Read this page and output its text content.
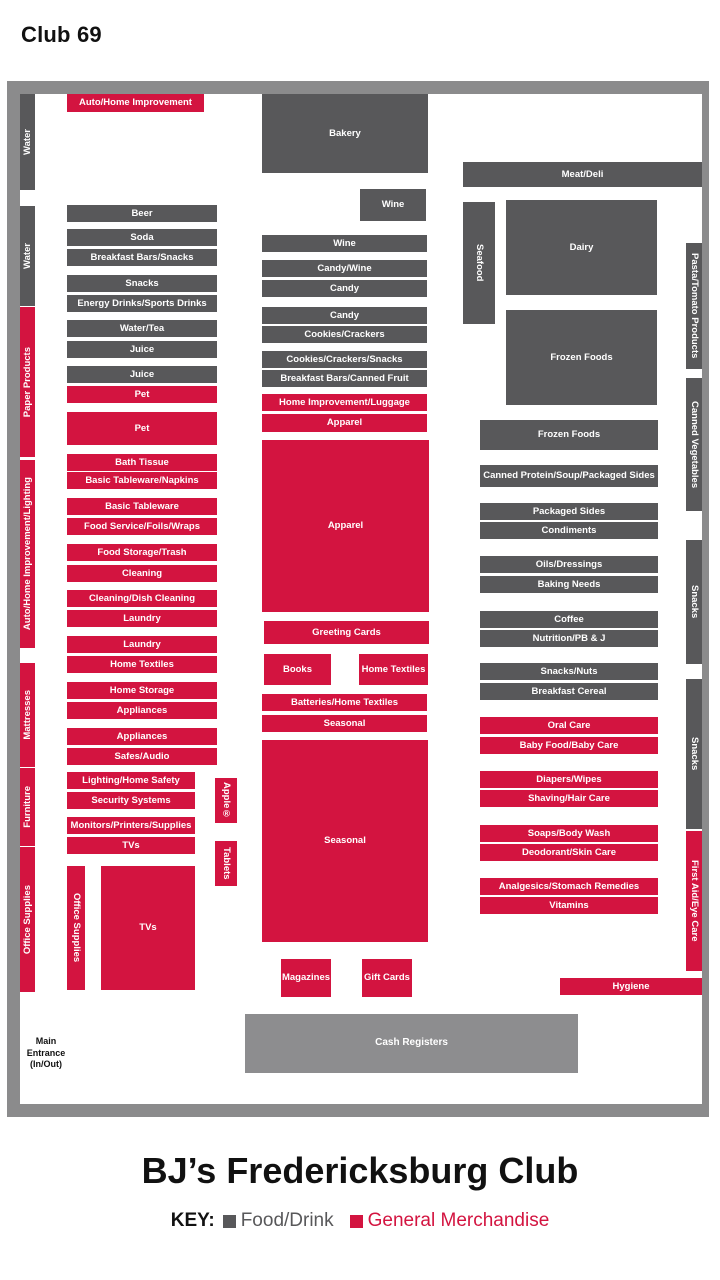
Club 69
Auto/Home Improvement
Bakery
Wine
Meat/Deli
Water
Water
Paper Products
Auto/Home Improvement/Lighting
Mattresses
Furniture
Office Supplies
Beer
Soda
Breakfast Bars/Snacks
Snacks
Energy Drinks/Sports Drinks
Water/Tea
Juice
Juice
Pet
Pet
Bath Tissue
Basic Tableware/Napkins
Basic Tableware
Food Service/Foils/Wraps
Food Storage/Trash
Cleaning
Cleaning/Dish Cleaning
Laundry
Laundry
Home Textiles
Home Storage
Appliances
Appliances
Safes/Audio
Lighting/Home Safety
Security Systems
Monitors/Printers/Supplies
TVs
Apple®
Tablets
Office Supplies	TVs
Wine
Candy/Wine
Candy
Candy
Cookies/Crackers
Cookies/Crackers/Snacks
Breakfast Bars/Canned Fruit
Home Improvement/Luggage
Apparel
Apparel
Greeting Cards
Books	Home Textiles
Batteries/Home Textiles
Seasonal
Seasonal
Magazines	Gift Cards
Seafood	Dairy
Frozen Foods
Frozen Foods
Canned Protein/Soup/Packaged Sides
Packaged Sides
Condiments
Oils/Dressings
Baking Needs
Coffee
Nutrition/PB & J
Snacks/Nuts
Breakfast Cereal
Oral Care
Baby Food/Baby Care
Diapers/Wipes
Shaving/Hair Care
Soaps/Body Wash
Deodorant/Skin Care
Analgesics/Stomach Remedies
Vitamins
Pasta/Tomato Products
Canned Vegetables
Snacks
Snacks
First Aid/Eye Care
Hygiene
Cash Registers
Main
Entrance
(In/Out)
BJ’s Fredericksburg Club
KEY: Food/Drink General Merchandise
